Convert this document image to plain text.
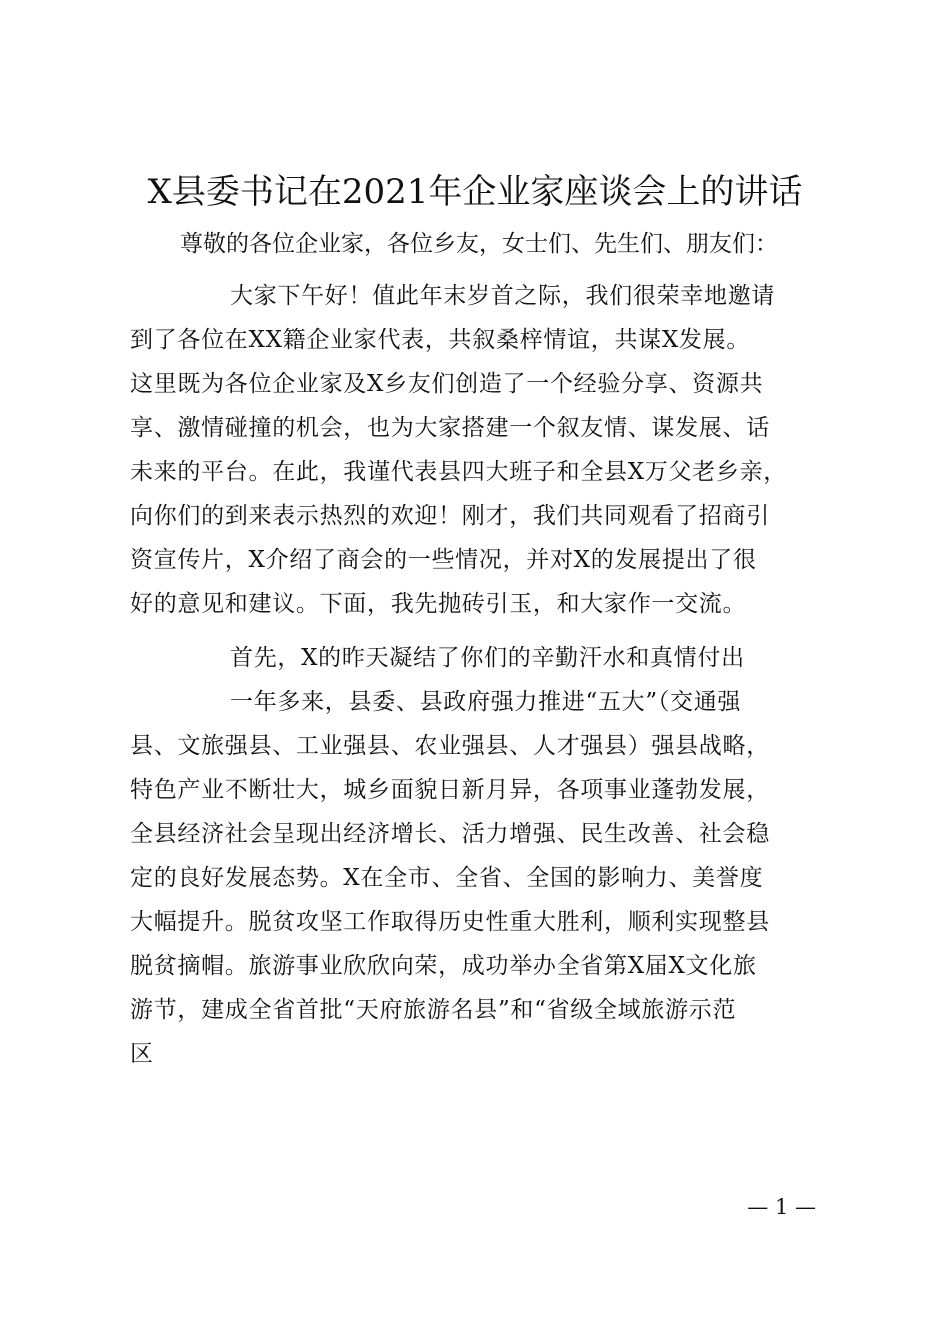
X县委书记在2021年企业家座谈会上的讲话
尊敬的各位企业家，各位乡友，女士们、先生们、朋友们：
大家下午好！值此年末岁首之际，我们很荣幸地邀请
到了各位在XX籍企业家代表，共叙桑梓情谊，共谋X发展。
这里既为各位企业家及X乡友们创造了一个经验分享、资源共
享、激情碰撞的机会，也为大家搭建一个叙友情、谋发展、话
未来的平台。在此，我谨代表县四大班子和全县X万父老乡亲，
向你们的到来表示热烈的欢迎！刚才，我们共同观看了招商引
资宣传片，X介绍了商会的一些情况，并对X的发展提出了很
好的意见和建议。下面，我先抛砖引玉，和大家作一交流。
首先，X的昨天凝结了你们的辛勤汗水和真情付出
一年多来，县委、县政府强力推进“五大”（交通强
县、文旅强县、工业强县、农业强县、人才强县）强县战略，
特色产业不断壮大，城乡面貌日新月异，各项事业蓬勃发展，
全县经济社会呈现出经济增长、活力增强、民生改善、社会稳
定的良好发展态势。X在全市、全省、全国的影响力、美誉度
大幅提升。脱贫攻坚工作取得历史性重大胜利，顺利实现整县
脱贫摘帽。旅游事业欣欣向荣，成功举办全省第X届X文化旅
游节，建成全省首批“天府旅游名县”和“省级全域旅游示范
区
— 1 —
